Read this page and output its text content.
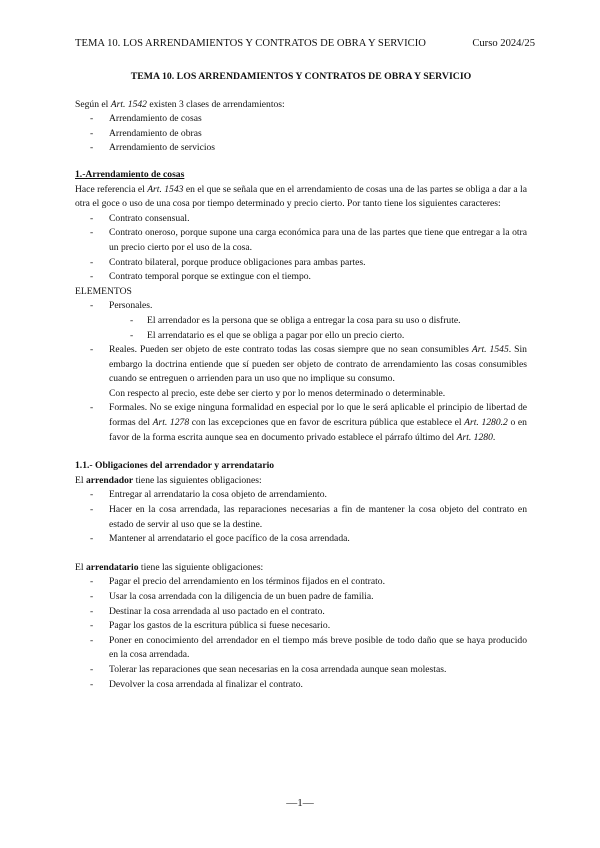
TEMA 10. LOS ARRENDAMIENTOS Y CONTRATOS DE OBRA Y SERVICIO	Curso 2024/25

TEMA 10. LOS ARRENDAMIENTOS Y CONTRATOS DE OBRA Y SERVICIO

Según el Art. 1542 existen 3 clases de arrendamientos:

- Arrendamiento de cosas
- Arrendamiento de obras
- Arrendamiento de servicios

1.-Arrendamiento de cosas

Hace referencia el Art. 1543 en el que se señala que en el arrendamiento de cosas una de las partes se obliga a dar a la otra el goce o uso de una cosa por tiempo determinado y precio cierto. Por tanto tiene los siguientes caracteres:

- Contrato consensual.
- Contrato oneroso, porque supone una carga económica para una de las partes que tiene que entregar a la otra un precio cierto por el uso de la cosa.
- Contrato bilateral, porque produce obligaciones para ambas partes.
- Contrato temporal porque se extingue con el tiempo.

ELEMENTOS

- Personales.
- El arrendador es la persona que se obliga a entregar la cosa para su uso o disfrute.
- El arrendatario es el que se obliga a pagar por ello un precio cierto.
- Reales. Pueden ser objeto de este contrato todas las cosas siempre que no sean consumibles Art. 1545. Sin embargo la doctrina entiende que sí pueden ser objeto de contrato de arrendamiento las cosas consumibles cuando se entreguen o arrienden para un uso que no implique su consumo.

Con respecto al precio, este debe ser cierto y por lo menos determinado o determinable.

- Formales. No se exige ninguna formalidad en especial por lo que le será aplicable el principio de libertad de formas del Art. 1278 con las excepciones que en favor de escritura pública que establece el Art. 1280.2 o en favor de la forma escrita aunque sea en documento privado establece el párrafo último del Art. 1280.

1.1.- Obligaciones del arrendador y arrendatario

El arrendador tiene las siguientes obligaciones:

- Entregar al arrendatario la cosa objeto de arrendamiento.
- Hacer en la cosa arrendada, las reparaciones necesarias a fin de mantener la cosa objeto del contrato en estado de servir al uso que se la destine.
- Mantener al arrendatario el goce pacífico de la cosa arrendada.

El arrendatario tiene las siguiente obligaciones:

- Pagar el precio del arrendamiento en los términos fijados en el contrato.
- Usar la cosa arrendada con la diligencia de un buen padre de familia.
- Destinar la cosa arrendada al uso pactado en el contrato.
- Pagar los gastos de la escritura pública si fuese necesario.
- Poner en conocimiento del arrendador en el tiempo más breve posible de todo daño que se haya producido en la cosa arrendada.
- Tolerar las reparaciones que sean necesarias en la cosa arrendada aunque sean molestas.
- Devolver la cosa arrendada al finalizar el contrato.
—1—
